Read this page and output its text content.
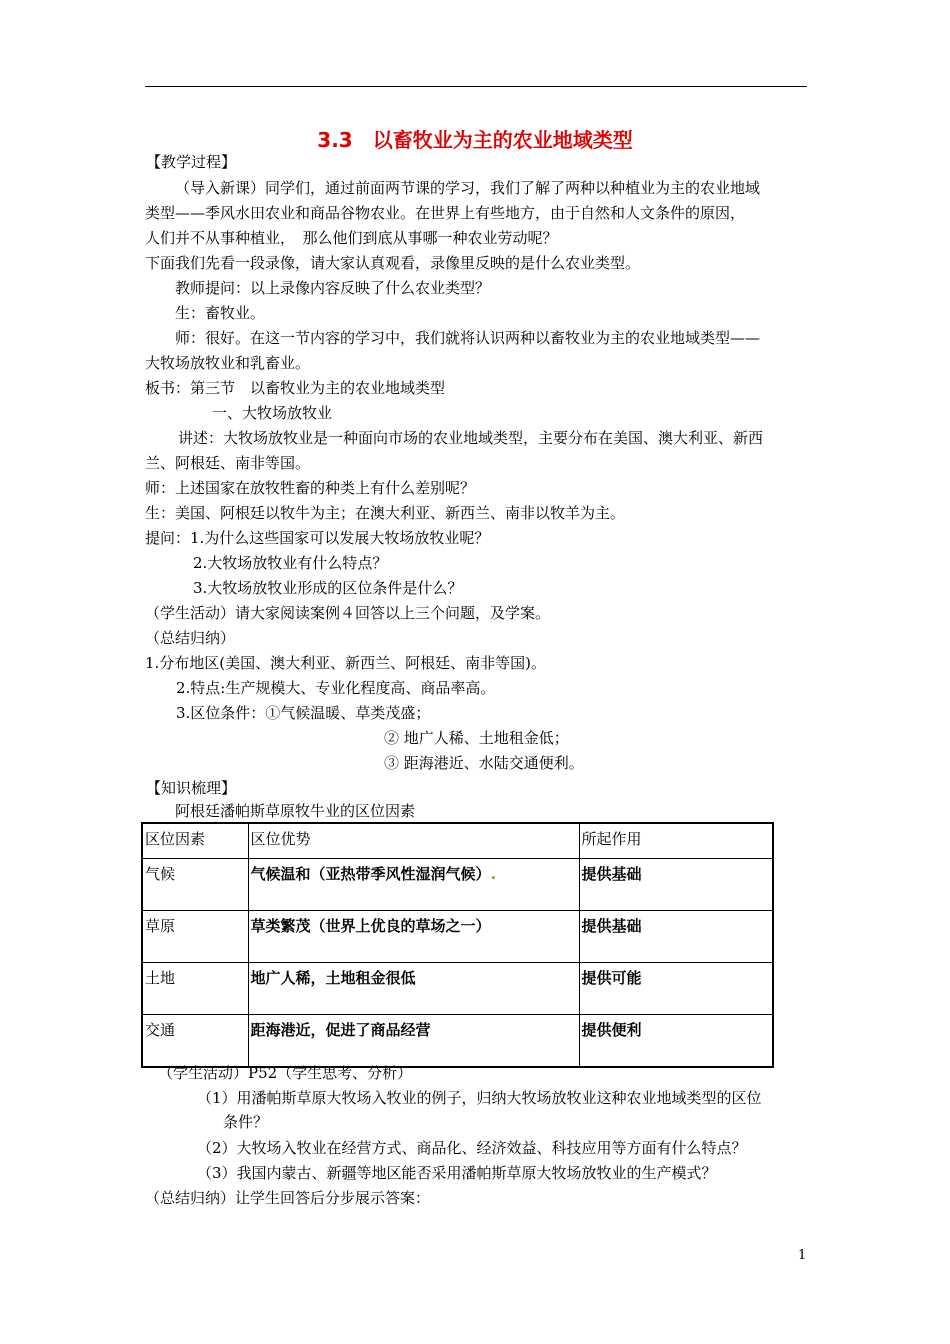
3.3　以畜牧业为主的农业地域类型
【教学过程】
（导入新课）同学们，通过前面两节课的学习，我们了解了两种以种植业为主的农业地域
类型——季风水田农业和商品谷物农业。在世界上有些地方，由于自然和人文条件的原因，
人们并不从事种植业，　那么他们到底从事哪一种农业劳动呢？
下面我们先看一段录像，请大家认真观看，录像里反映的是什么农业类型。
教师提问：以上录像内容反映了什么农业类型？
生：畜牧业。
师：很好。在这一节内容的学习中，我们就将认识两种以畜牧业为主的农业地域类型——
大牧场放牧业和乳畜业。
板书：第三节　以畜牧业为主的农业地域类型
一、大牧场放牧业
讲述：大牧场放牧业是一种面向市场的农业地域类型，主要分布在美国、澳大利亚、新西
兰、阿根廷、南非等国。
师：上述国家在放牧牲畜的种类上有什么差别呢？
生：美国、阿根廷以牧牛为主；在澳大利亚、新西兰、南非以牧羊为主。
提问：1.为什么这些国家可以发展大牧场放牧业呢？
2.大牧场放牧业有什么特点？
3.大牧场放牧业形成的区位条件是什么？
（学生活动）请大家阅读案例４回答以上三个问题，及学案。
（总结归纳）
1.分布地区(美国、澳大利亚、新西兰、阿根廷、南非等国)。
2.特点:生产规模大、专业化程度高、商品率高。
3.区位条件：①气候温暖、草类茂盛；
② 地广人稀、土地租金低；
③ 距海港近、水陆交通便利。
【知识梳理】
阿根廷潘帕斯草原牧牛业的区位因素
区位因素	区位优势	所起作用
气候	气候温和（亚热带季风性湿润气候）.	提供基础
草原	草类繁茂（世界上优良的草场之一）	提供基础
土地	地广人稀，土地租金很低	提供可能
交通	距海港近，促进了商品经营	提供便利
（学生活动）P52（学生思考、分析）
（1）用潘帕斯草原大牧场入牧业的例子，归纳大牧场放牧业这种农业地域类型的区位
条件？
（2）大牧场入牧业在经营方式、商品化、经济效益、科技应用等方面有什么特点？
（3）我国内蒙古、新疆等地区能否采用潘帕斯草原大牧场放牧业的生产模式？
（总结归纳）让学生回答后分步展示答案：
1
